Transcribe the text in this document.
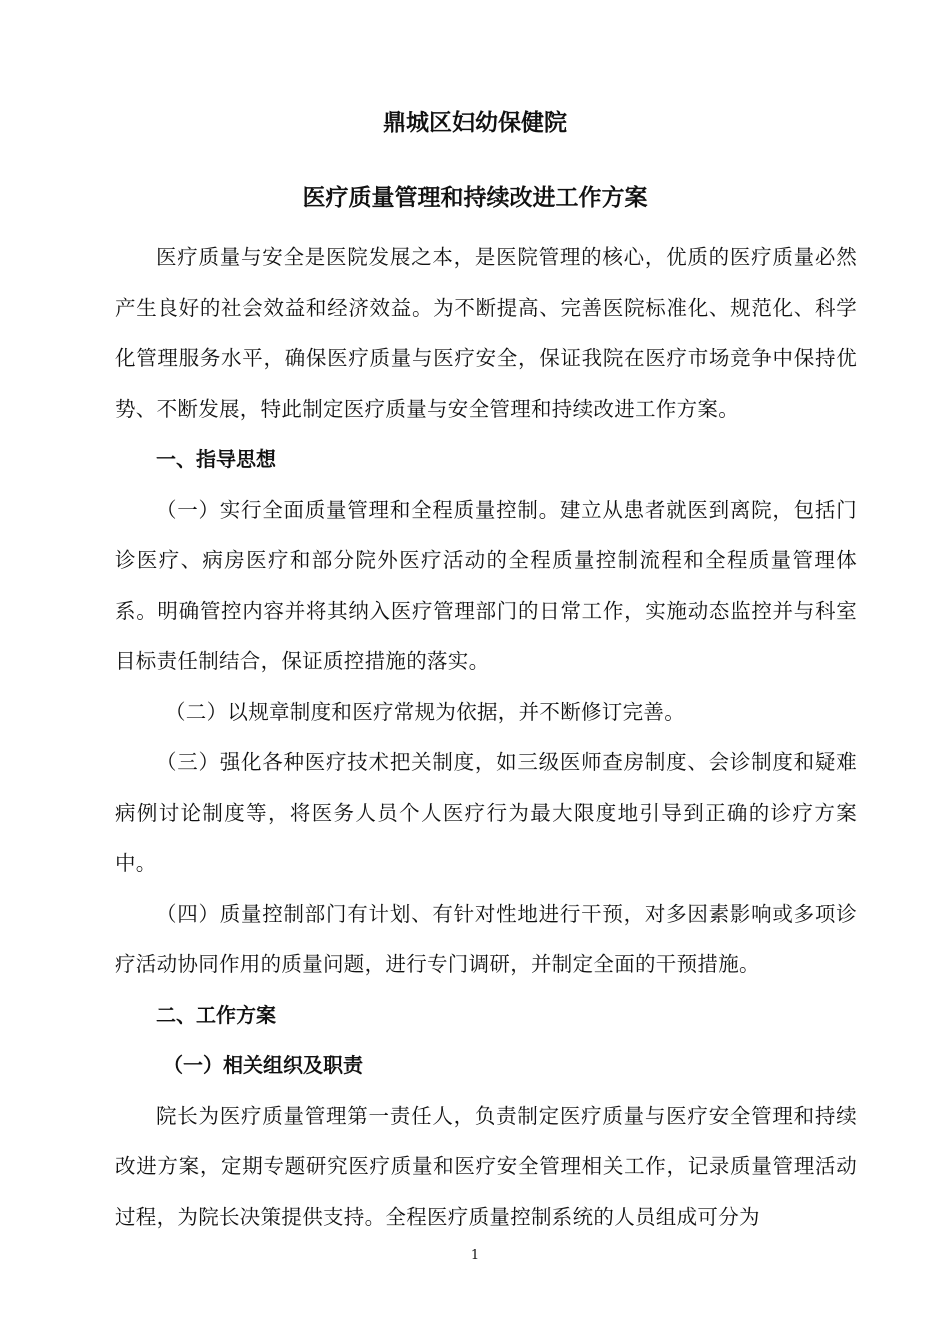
鼎城区妇幼保健院
医疗质量管理和持续改进工作方案

医疗质量与安全是医院发展之本，是医院管理的核心，优质的医疗质量必然产生良好的社会效益和经济效益。为不断提高、完善医院标准化、规范化、科学化管理服务水平，确保医疗质量与医疗安全，保证我院在医疗市场竞争中保持优势、不断发展，特此制定医疗质量与安全管理和持续改进工作方案。

一、指导思想

（一）实行全面质量管理和全程质量控制。建立从患者就医到离院，包括门诊医疗、病房医疗和部分院外医疗活动的全程质量控制流程和全程质量管理体系。明确管控内容并将其纳入医疗管理部门的日常工作，实施动态监控并与科室目标责任制结合，保证质控措施的落实。

（二）以规章制度和医疗常规为依据，并不断修订完善。

（三）强化各种医疗技术把关制度，如三级医师查房制度、会诊制度和疑难病例讨论制度等，将医务人员个人医疗行为最大限度地引导到正确的诊疗方案中。

（四）质量控制部门有计划、有针对性地进行干预，对多因素影响或多项诊疗活动协同作用的质量问题，进行专门调研，并制定全面的干预措施。

二、工作方案

（一）相关组织及职责

院长为医疗质量管理第一责任人，负责制定医疗质量与医疗安全管理和持续改进方案，定期专题研究医疗质量和医疗安全管理相关工作，记录质量管理活动过程，为院长决策提供支持。全程医疗质量控制系统的人员组成可分为

1
